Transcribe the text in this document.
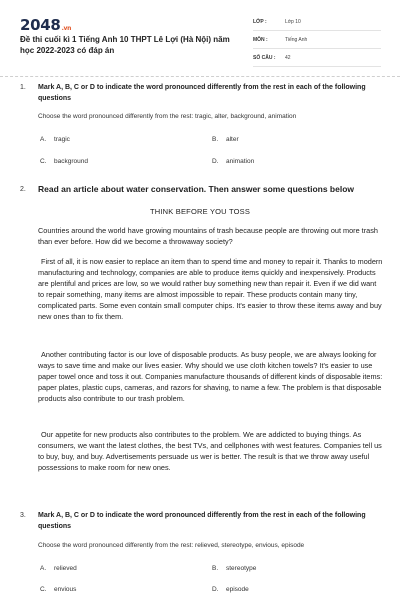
2048.vn
Đề thi cuối kì 1 Tiếng Anh 10 THPT Lê Lợi (Hà Nội) năm học 2022-2023 có đáp án
LỚP :	Lớp 10
MÔN :	Tiếng Anh
SỐ CÂU :	42
1. Mark A, B, C or D to indicate the word pronounced differently from the rest in each of the following questions
Choose the word pronounced differently from the rest: tragic, alter, background, animation
A. tragic	B. alter
C. background	D. animation
2. Read an article about water conservation. Then answer some questions below
THINK BEFORE YOU TOSS
Countries around the world have growing mountains of trash because people are throwing out more trash than ever before. How did we become a throwaway society?
First of all, it is now easier to replace an item than to spend time and money to repair it. Thanks to modern manufacturing and technology, companies are able to produce items quickly and inexpensively. Products are plentiful and prices are low, so we would rather buy something new than repair it. Even if we did want to repair something, many items are almost impossible to repair. These products contain many tiny, complicated parts. Some even contain small computer chips. It's easier to throw these items away and buy new ones than to fix them.
Another contributing factor is our love of disposable products. As busy people, we are always looking for ways to save time and make our lives easier. Why should we use cloth kitchen towels? It's easier to use paper towel once and toss it out. Companies manufacture thousands of different kinds of disposable items: paper plates, plastic cups, cameras, and razors for shaving, to name a few. The problem is that disposable products also contribute to our trash problem.
Our appetite for new products also contributes to the problem. We are addicted to buying things. As consumers, we want the latest clothes, the best TVs, and cellphones with west features. Companies tell us to buy, buy, and buy. Advertisements persuade us wer is better. The result is that we throw away useful possessions to make room for new ones.
3. Mark A, B, C or D to indicate the word pronounced differently from the rest in each of the following questions
Choose the word pronounced differently from the rest: relieved, stereotype, envious, episode
A. relieved	B. stereotype
C. envious	D. episode
